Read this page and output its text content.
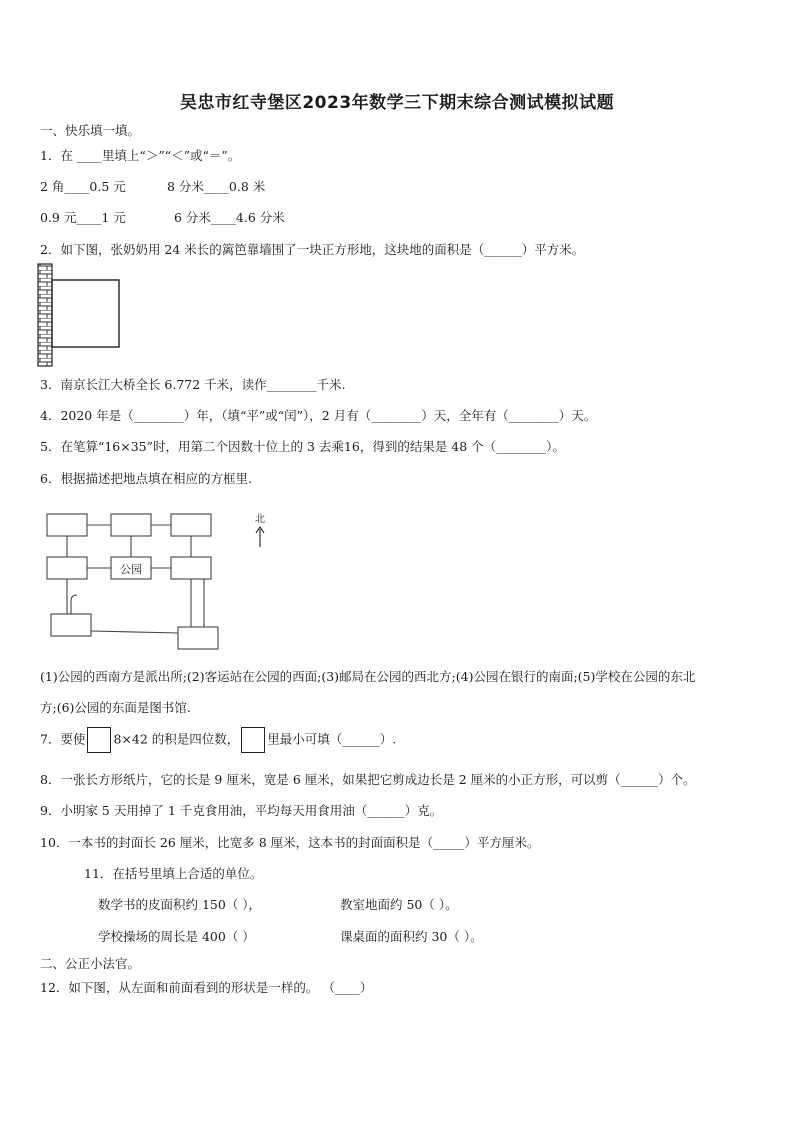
吴忠市红寺堡区2023年数学三下期末综合测试模拟试题
一、快乐填一填。
1．在 ____里填上“＞”“＜”或“＝”。
2 角____0.5 元	8 分米____0.8 米
0.9 元____1 元	6 分米____4.6 分米
2．如下图，张奶奶用 24 米长的篱笆靠墙围了一块正方形地，这块地的面积是（______）平方米。
3．南京长江大桥全长 6.772 千米，读作________千米.
4．2020 年是（________）年，（填“平”或“闰”），2 月有（________）天，全年有（________）天。
5．在笔算“16×35”时，用第二个因数十位上的 3 去乘16，得到的结果是 48 个（________）。
6．根据描述把地点填在相应的方框里.
公园
北
(1)公园的西南方是派出所;(2)客运站在公园的西面;(3)邮局在公园的西北方;(4)公园在银行的南面;(5)学校在公园的东北
方;(6)公园的东面是图书馆.
7．要使 8×42 的积是四位数， 里最小可填（______）.
8．一张长方形纸片，它的长是 9 厘米，宽是 6 厘米，如果把它剪成边长是 2 厘米的小正方形，可以剪（______）个。
9．小明家 5 天用掉了 1 千克食用油，平均每天用食用油（______）克。
10．一本书的封面长 26 厘米，比宽多 8 厘米，这本书的封面面积是（_____）平方厘米。
11．在括号里填上合适的单位。
数学书的皮面积约 150（ ），	教室地面约 50（ ）。
学校操场的周长是 400（ ）	课桌面的面积约 30（ ）。
二、公正小法官。
12．如下图，从左面和前面看到的形状是一样的。 （____）
